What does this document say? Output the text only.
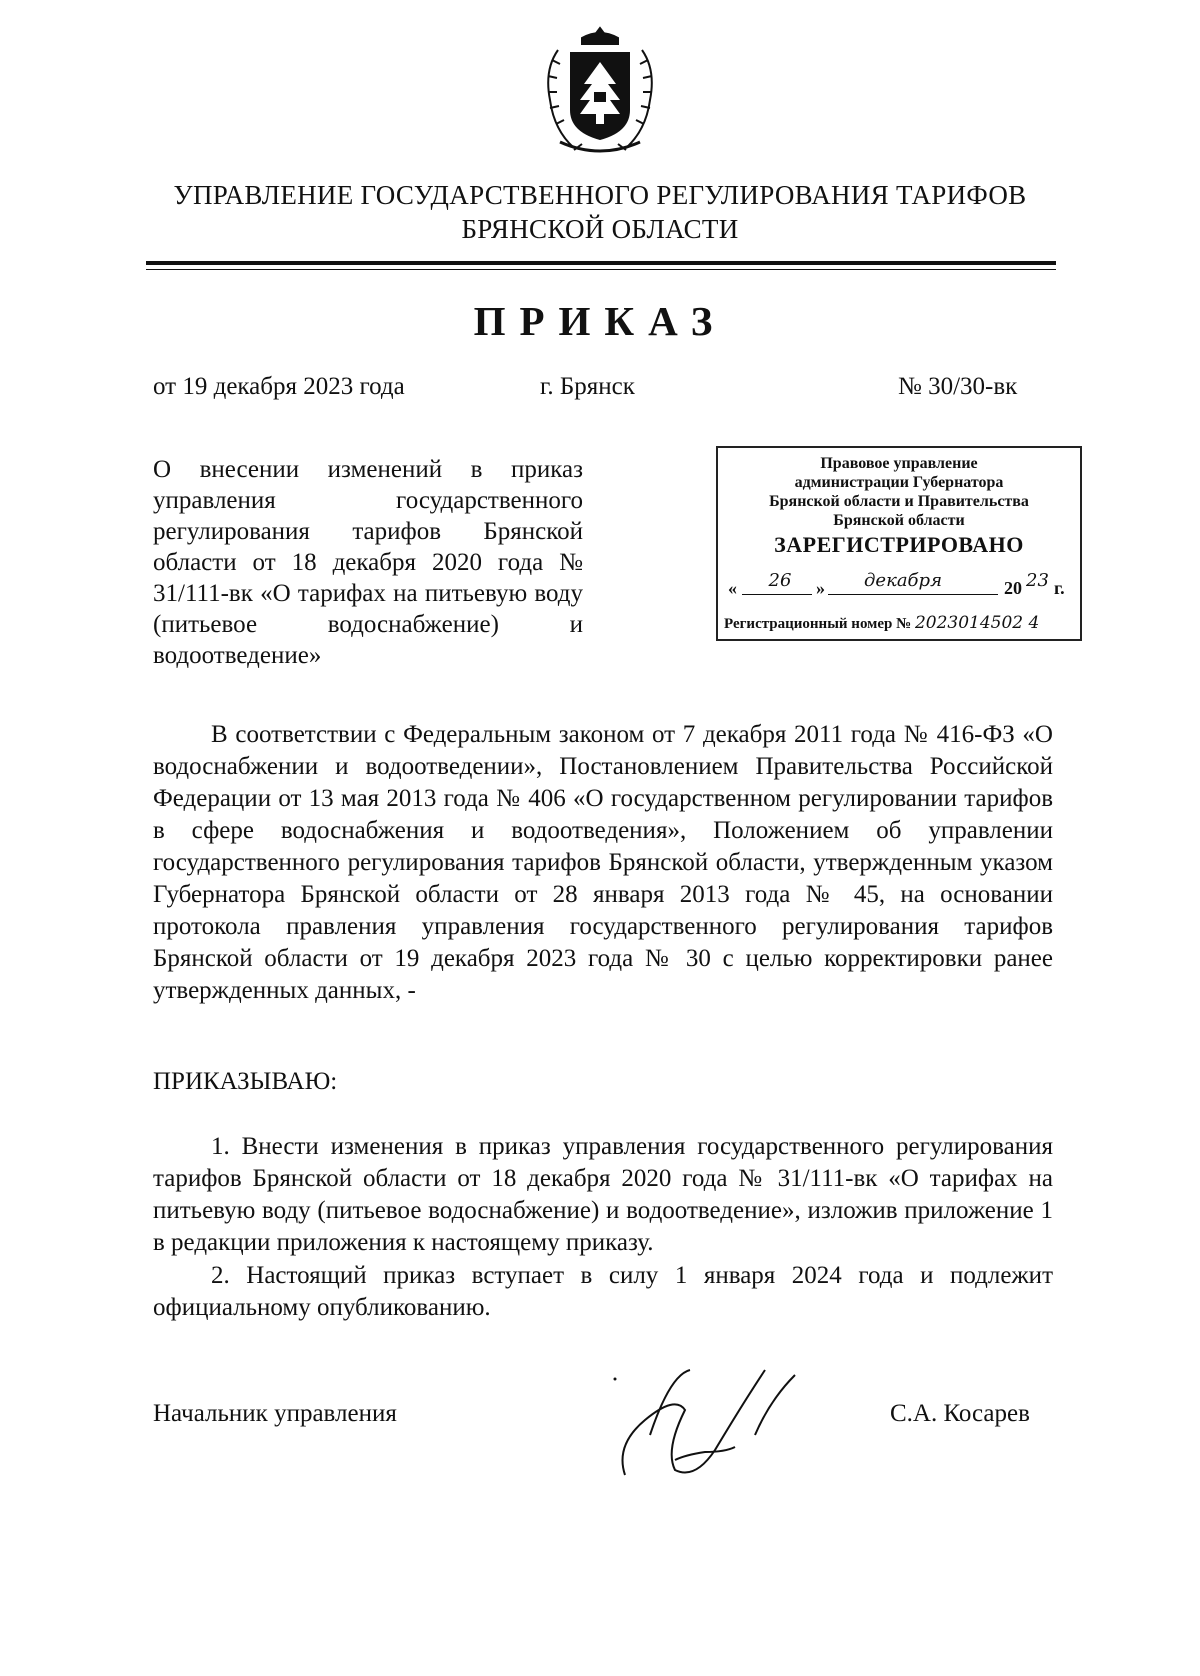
УПРАВЛЕНИЕ ГОСУДАРСТВЕННОГО РЕГУЛИРОВАНИЯ ТАРИФОВ
БРЯНСКОЙ ОБЛАСТИ
ПРИКАЗ
от 19 декабря 2023 года	г. Брянск	№ 30/30-вк
О внесении изменений в приказ управления государственного регулирования тарифов Брянской области от 18 декабря 2020 года № 31/111-вк «О тарифах на питьевую воду (питьевое водоснабжение) и водоотведение»
Правовое управление
администрации Губернатора
Брянской области и Правительства
Брянской области
ЗАРЕГИСТРИРОВАНО
«	26	»	декабря	20 23 г.
Регистрационный номер № 2023014502 4
В соответствии с Федеральным законом от 7 декабря 2011 года № 416-ФЗ «О водоснабжении и водоотведении», Постановлением Правительства Российской Федерации от 13 мая 2013 года № 406 «О государственном регулировании тарифов в сфере водоснабжения и водоотведения», Положением об управлении государственного регулирования тарифов Брянской области, утвержденным указом Губернатора Брянской области от 28 января 2013 года № 45, на основании протокола правления управления государственного регулирования тарифов Брянской области от 19 декабря 2023 года № 30 с целью корректировки ранее утвержденных данных, -
ПРИКАЗЫВАЮ:
1. Внести изменения в приказ управления государственного регулирования тарифов Брянской области от 18 декабря 2020 года № 31/111-вк «О тарифах на питьевую воду (питьевое водоснабжение) и водоотведение», изложив приложение 1 в редакции приложения к настоящему приказу.
2. Настоящий приказ вступает в силу 1 января 2024 года и подлежит официальному опубликованию.
Начальник управления	С.А. Косарев
